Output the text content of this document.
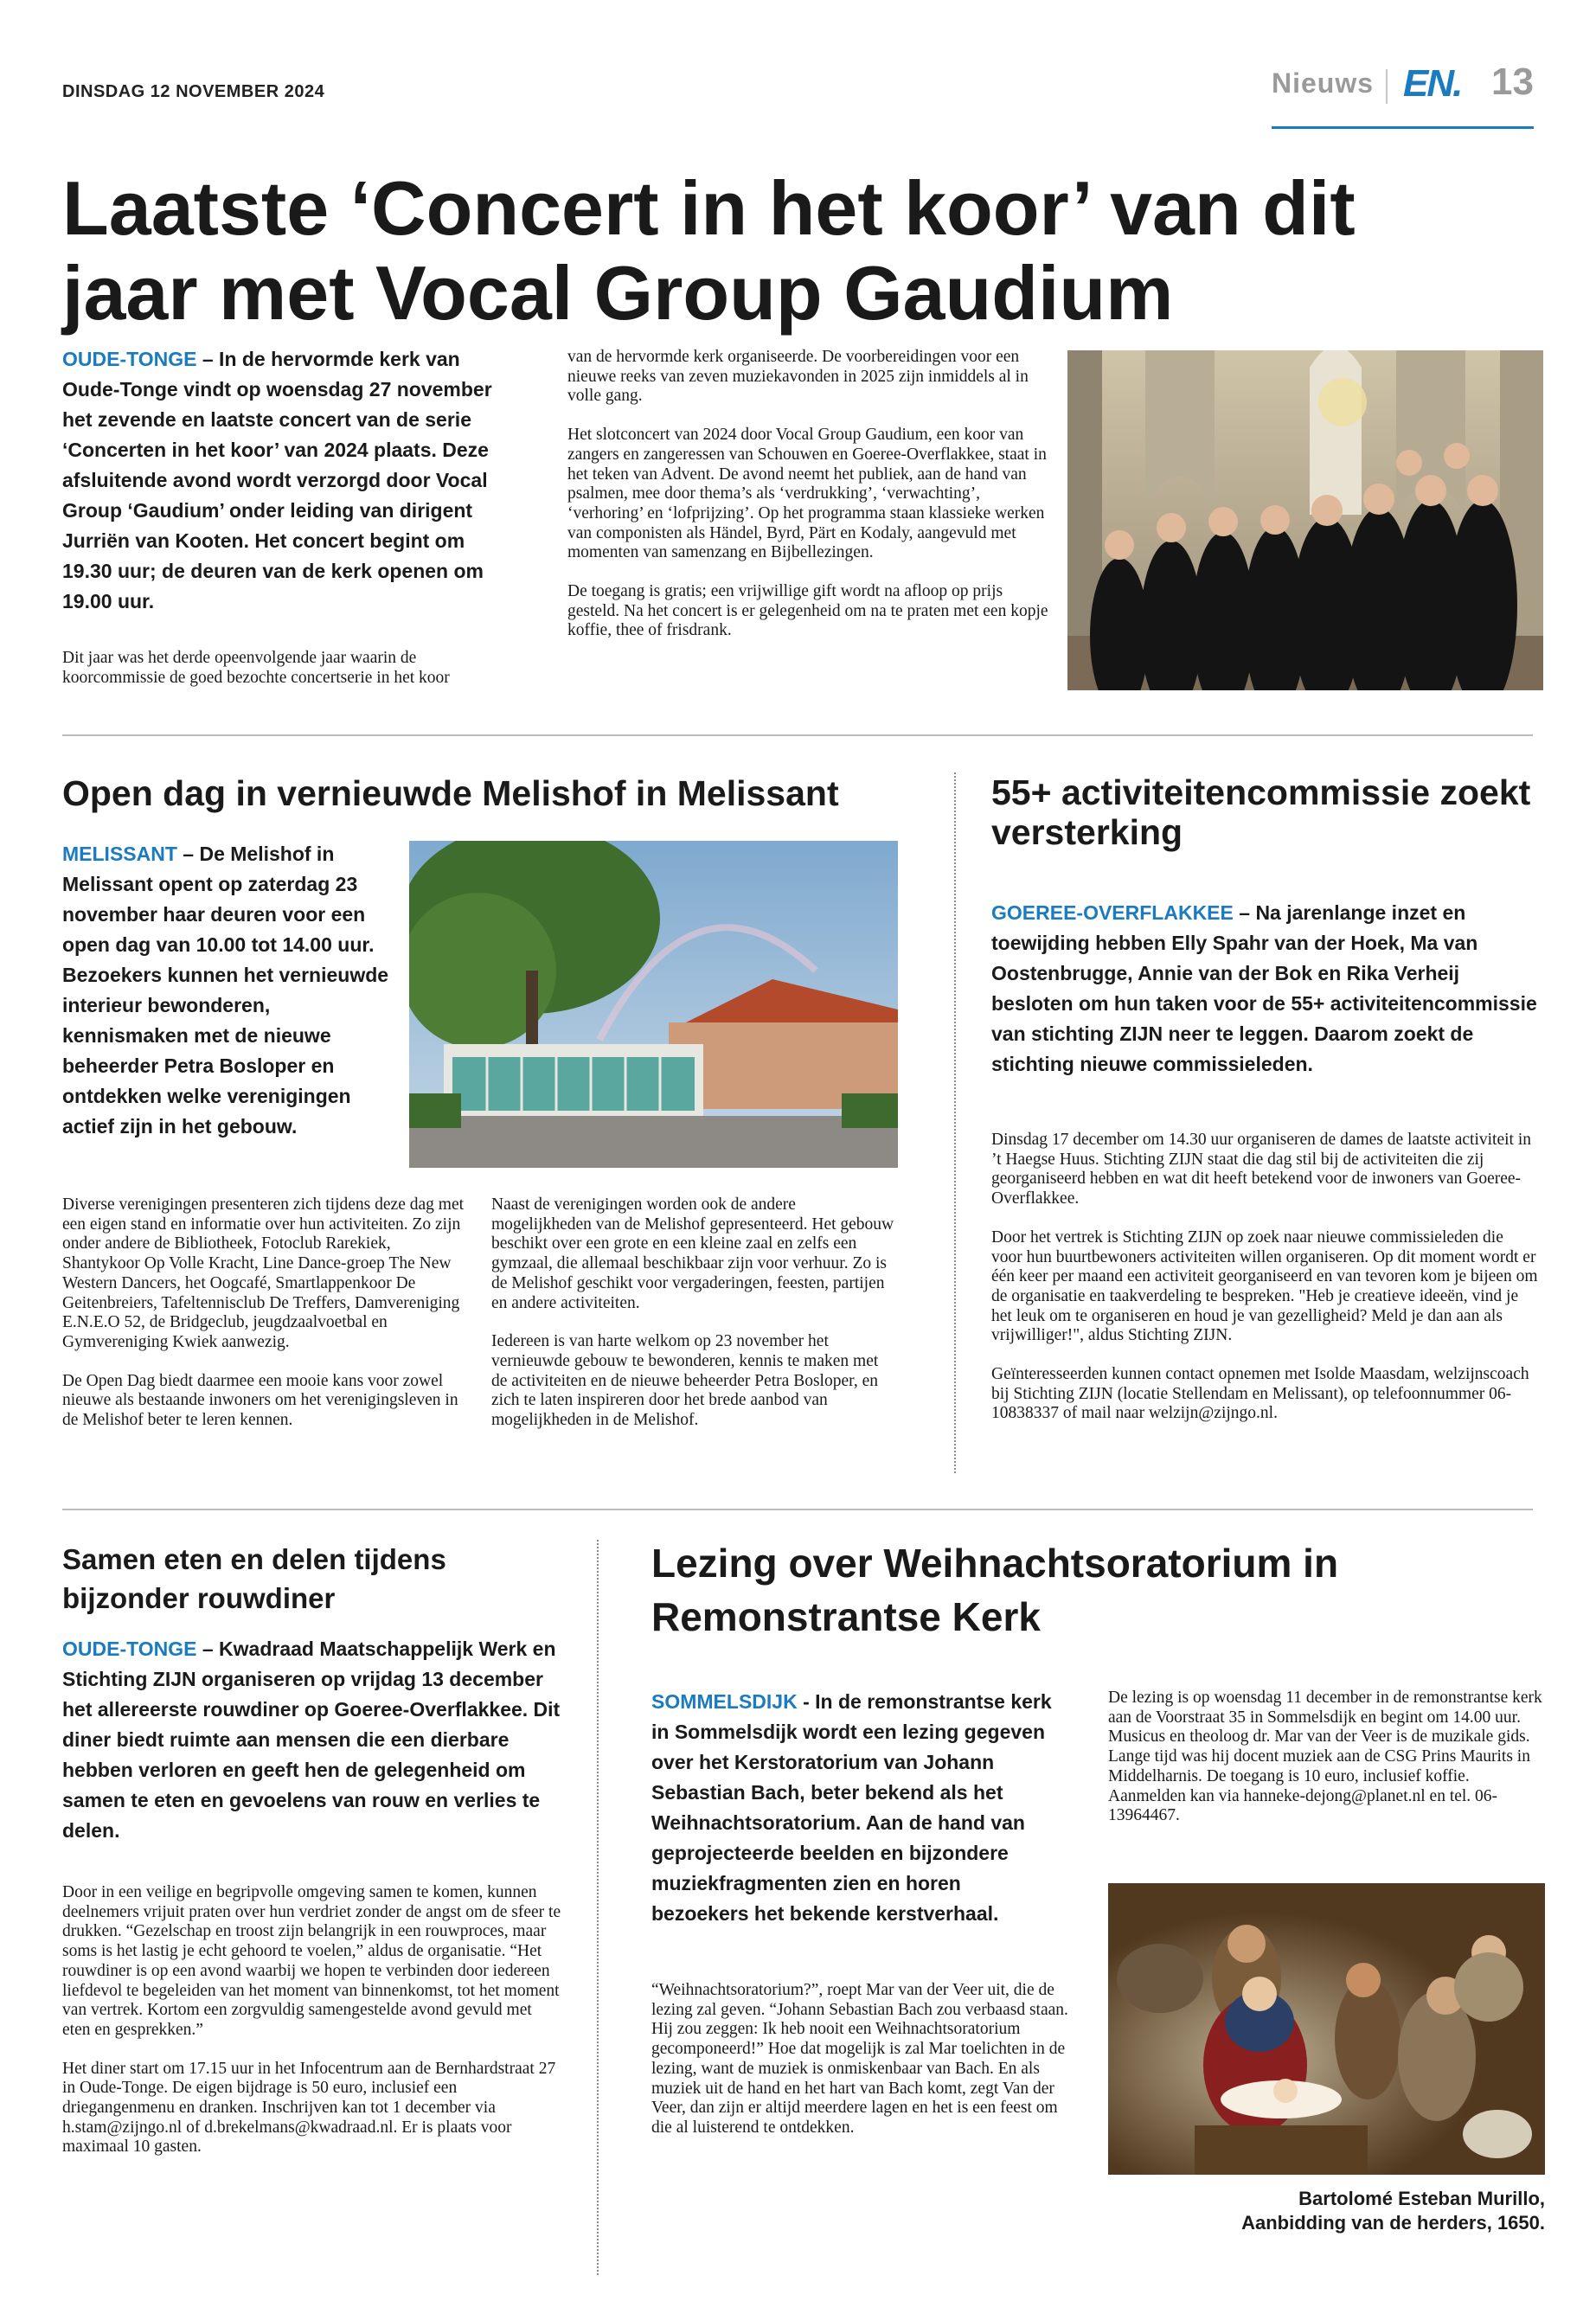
DINSDAG 12 NOVEMBER 2024	Nieuws EN. 13
Laatste ‘Concert in het koor’ van dit jaar met Vocal Group Gaudium

OUDE-TONGE – In de hervormde kerk van Oude-Tonge vindt op woensdag 27 november het zevende en laatste concert van de serie ‘Concerten in het koor’ van 2024 plaats. Deze afsluitende avond wordt verzorgd door Vocal Group ‘Gaudium’ onder leiding van dirigent Jurriën van Kooten. Het concert begint om 19.30 uur; de deuren van de kerk openen om 19.00 uur.

Dit jaar was het derde opeenvolgende jaar waarin de koorcommissie de goed bezochte concertserie in het koor

van de hervormde kerk organiseerde. De voorbereidingen voor een nieuwe reeks van zeven muziekavonden in 2025 zijn inmiddels al in volle gang.

Het slotconcert van 2024 door Vocal Group Gaudium, een koor van zangers en zangeressen van Schouwen en Goeree-Overflakkee, staat in het teken van Advent. De avond neemt het publiek, aan de hand van psalmen, mee door thema’s als ‘verdrukking’, ‘verwachting’, ‘verhoring’ en ‘lofprijzing’. Op het programma staan klassieke werken van componisten als Händel, Byrd, Pärt en Kodaly, aangevuld met momenten van samenzang en Bijbellezingen.

De toegang is gratis; een vrijwillige gift wordt na afloop op prijs gesteld. Na het concert is er gelegenheid om na te praten met een kopje koffie, thee of frisdrank.

Open dag in vernieuwde Melishof in Melissant

MELISSANT – De Melishof in Melissant opent op zaterdag 23 november haar deuren voor een open dag van 10.00 tot 14.00 uur. Bezoekers kunnen het vernieuwde interieur bewonderen, kennismaken met de nieuwe beheerder Petra Bosloper en ontdekken welke verenigingen actief zijn in het gebouw.

Diverse verenigingen presenteren zich tijdens deze dag met een eigen stand en informatie over hun activiteiten. Zo zijn onder andere de Bibliotheek, Fotoclub Rarekiek, Shantykoor Op Volle Kracht, Line Dance-groep The New Western Dancers, het Oogcafé, Smartlappenkoor De Geitenbreiers, Tafeltennisclub De Treffers, Damvereniging E.N.E.O 52, de Bridgeclub, jeugdzaalvoetbal en Gymvereniging Kwiek aanwezig.

De Open Dag biedt daarmee een mooie kans voor zowel nieuwe als bestaande inwoners om het verenigingsleven in de Melishof beter te leren kennen.

Naast de verenigingen worden ook de andere mogelijkheden van de Melishof gepresenteerd. Het gebouw beschikt over een grote en een kleine zaal en zelfs een gymzaal, die allemaal beschikbaar zijn voor verhuur. Zo is de Melishof geschikt voor vergaderingen, feesten, partijen en andere activiteiten.

Iedereen is van harte welkom op 23 november het vernieuwde gebouw te bewonderen, kennis te maken met de activiteiten en de nieuwe beheerder Petra Bosloper, en zich te laten inspireren door het brede aanbod van mogelijkheden in de Melishof.

55+ activiteitencommissie zoekt versterking

GOEREE-OVERFLAKKEE – Na jarenlange inzet en toewijding hebben Elly Spahr van der Hoek, Ma van Oostenbrugge, Annie van der Bok en Rika Verheij besloten om hun taken voor de 55+ activiteitencommissie van stichting ZIJN neer te leggen. Daarom zoekt de stichting nieuwe commissieleden.

Dinsdag 17 december om 14.30 uur organiseren de dames de laatste activiteit in ’t Haegse Huus. Stichting ZIJN staat die dag stil bij de activiteiten die zij georganiseerd hebben en wat dit heeft betekend voor de inwoners van Goeree-Overflakkee.

Door het vertrek is Stichting ZIJN op zoek naar nieuwe commissieleden die voor hun buurtbewoners activiteiten willen organiseren. Op dit moment wordt er één keer per maand een activiteit georganiseerd en van tevoren kom je bijeen om de organisatie en taakverdeling te bespreken. "Heb je creatieve ideeën, vind je het leuk om te organiseren en houd je van gezelligheid? Meld je dan aan als vrijwilliger!", aldus Stichting ZIJN.

Geïnteresseerden kunnen contact opnemen met Isolde Maasdam, welzijnscoach bij Stichting ZIJN (locatie Stellendam en Melissant), op telefoonnummer 06-10838337 of mail naar welzijn@zijngo.nl.

Samen eten en delen tijdens bijzonder rouwdiner

OUDE-TONGE – Kwadraad Maatschappelijk Werk en Stichting ZIJN organiseren op vrijdag 13 december het allereerste rouwdiner op Goeree-Overflakkee. Dit diner biedt ruimte aan mensen die een dierbare hebben verloren en geeft hen de gelegenheid om samen te eten en gevoelens van rouw en verlies te delen.

Door in een veilige en begripvolle omgeving samen te komen, kunnen deelnemers vrijuit praten over hun verdriet zonder de angst om de sfeer te drukken. “Gezelschap en troost zijn belangrijk in een rouwproces, maar soms is het lastig je echt gehoord te voelen,” aldus de organisatie. “Het rouwdiner is op een avond waarbij we hopen te verbinden door iedereen liefdevol te begeleiden van het moment van binnenkomst, tot het moment van vertrek. Kortom een zorgvuldig samengestelde avond gevuld met eten en gesprekken.”

Het diner start om 17.15 uur in het Infocentrum aan de Bernhardstraat 27 in Oude-Tonge. De eigen bijdrage is 50 euro, inclusief een driegangenmenu en dranken. Inschrijven kan tot 1 december via h.stam@zijngo.nl of d.brekelmans@kwadraad.nl. Er is plaats voor maximaal 10 gasten.

Lezing over Weihnachtsoratorium in Remonstrantse Kerk

SOMMELSDIJK - In de remonstrantse kerk in Sommelsdijk wordt een lezing gegeven over het Kerstoratorium van Johann Sebastian Bach, beter bekend als het Weihnachtsoratorium. Aan de hand van geprojecteerde beelden en bijzondere muziekfragmenten zien en horen bezoekers het bekende kerstverhaal.

“Weihnachtsoratorium?”, roept Mar van der Veer uit, die de lezing zal geven. “Johann Sebastian Bach zou verbaasd staan. Hij zou zeggen: Ik heb nooit een Weihnachtsoratorium gecomponeerd!” Hoe dat mogelijk is zal Mar toelichten in de lezing, want de muziek is onmiskenbaar van Bach. En als muziek uit de hand en het hart van Bach komt, zegt Van der Veer, dan zijn er altijd meerdere lagen en het is een feest om die al luisterend te ontdekken.

De lezing is op woensdag 11 december in de remonstrantse kerk aan de Voorstraat 35 in Sommelsdijk en begint om 14.00 uur. Musicus en theoloog dr. Mar van der Veer is de muzikale gids. Lange tijd was hij docent muziek aan de CSG Prins Maurits in Middelharnis. De toegang is 10 euro, inclusief koffie. Aanmelden kan via hanneke-dejong@planet.nl en tel. 06-13964467.

Bartolomé Esteban Murillo,
Aanbidding van de herders, 1650.
